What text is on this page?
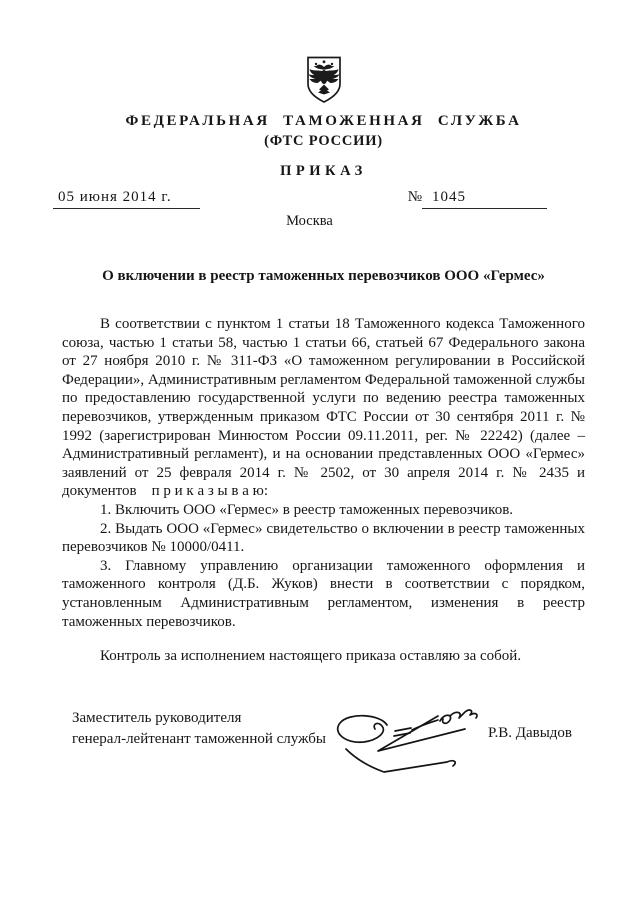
ФЕДЕРАЛЬНАЯ ТАМОЖЕННАЯ СЛУЖБА
(ФТС РОССИИ)
ПРИКАЗ
05 июня 2014 г.	№ 1045
Москва
О включении в реестр таможенных перевозчиков ООО «Гермес»

В соответствии с пунктом 1 статьи 18 Таможенного кодекса Таможенного союза, частью 1 статьи 58, частью 1 статьи 66, статьей 67 Федерального закона от 27 ноября 2010 г. № 311-ФЗ «О таможенном регулировании в Российской Федерации», Административным регламентом Федеральной таможенной службы по предоставлению государственной услуги по ведению реестра таможенных перевозчиков, утвержденным приказом ФТС России от 30 сентября 2011 г. № 1992 (зарегистрирован Минюстом России 09.11.2011, рег. № 22242) (далее – Административный регламент), и на основании представленных ООО «Гермес» заявлений от 25 февраля 2014 г. № 2502, от 30 апреля 2014 г. № 2435 и документов    п р и к а з ы в а ю:

1. Включить ООО «Гермес» в реестр таможенных перевозчиков.

2. Выдать ООО «Гермес» свидетельство о включении в реестр таможенных перевозчиков № 10000/0411.

3. Главному управлению организации таможенного оформления и таможенного контроля (Д.Б. Жуков) внести в соответствии с порядком, установленным Административным регламентом, изменения в реестр таможенных перевозчиков.

Контроль за исполнением настоящего приказа оставляю за собой.

Заместитель руководителя
генерал-лейтенант таможенной службы	Р.В. Давыдов
